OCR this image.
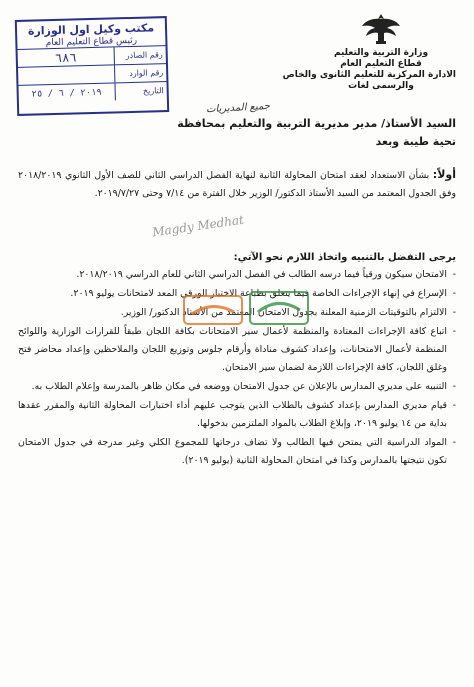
وزارة التربية والتعليم
قطاع التعليم العام
الادارة المركزية للتعليم الثانوى والخاص
والرسمى لغات
مكتب وكيل اول الوزارة
رئيس قطاع التعليم العام
رقم الصادر
٦٨٦
رقم الوارد
التاريخ
٢٠١٩ / ٦ / ٢٥
جميع المديريات
السيد الأستاذ/ مدير مديرية التربية والتعليم بمحافظة
تحية طيبة وبعد
أولاً: بشأن الاستعداد لعقد امتحان المحاولة الثانية لنهاية الفصل الدراسي الثاني للصف الأول الثانوي ٢٠١٨/٢٠١٩ وفق الجدول المعتمد من السيد الأستاذ الدكتور/ الوزير خلال الفترة من ٧/١٤ وحتى ٢٠١٩/٧/٢٧.
Magdy Medhat
يرجى التفضل بالتنبيه واتخاذ اللازم نحو الآتي:
- الامتحان سيكون ورقياً فيما درسه الطالب في الفصل الدراسي الثاني للعام الدراسي ٢٠١٨/٢٠١٩.
- الإسراع في إنهاء الإجراءات الخاصة فيما يتعلق بطباعة الاختبار الورقي المعد لامتحانات يوليو ٢٠١٩.
- الالتزام بالتوقيتات الزمنية المعلنة بجدول الامتحان المعتمد من الأستاذ الدكتور/ الوزير.
- اتباع كافة الإجراءات المعتادة والمنظمة لأعمال سير الامتحانات بكافة اللجان طبقاً للقرارات الوزارية واللوائح المنظمة لأعمال الامتحانات، وإعداد كشوف مناداة وأرقام جلوس وتوزيع اللجان والملاحظين وإعداد محاضر فتح وغلق اللجان، كافة الإجراءات اللازمة لضمان سير الامتحان.
- التنبيه على مديري المدارس بالإعلان عن جدول الامتحان ووضعه في مكان ظاهر بالمدرسة وإعلام الطلاب به.
- قيام مديري المدارس بإعداد كشوف بالطلاب الذين يتوجب عليهم أداء اختبارات المحاولة الثانية والمقرر عقدها بداية من ١٤ يوليو ٢٠١٩، وإبلاغ الطلاب بالمواد الملتزمين بدخولها.
- المواد الدراسية التي يمتحن فيها الطالب ولا تضاف درجاتها للمجموع الكلي وغير مدرجة في جدول الامتحان تكون نتيجتها بالمدارس وكذا في امتحان المحاولة الثانية (يوليو ٢٠١٩).
